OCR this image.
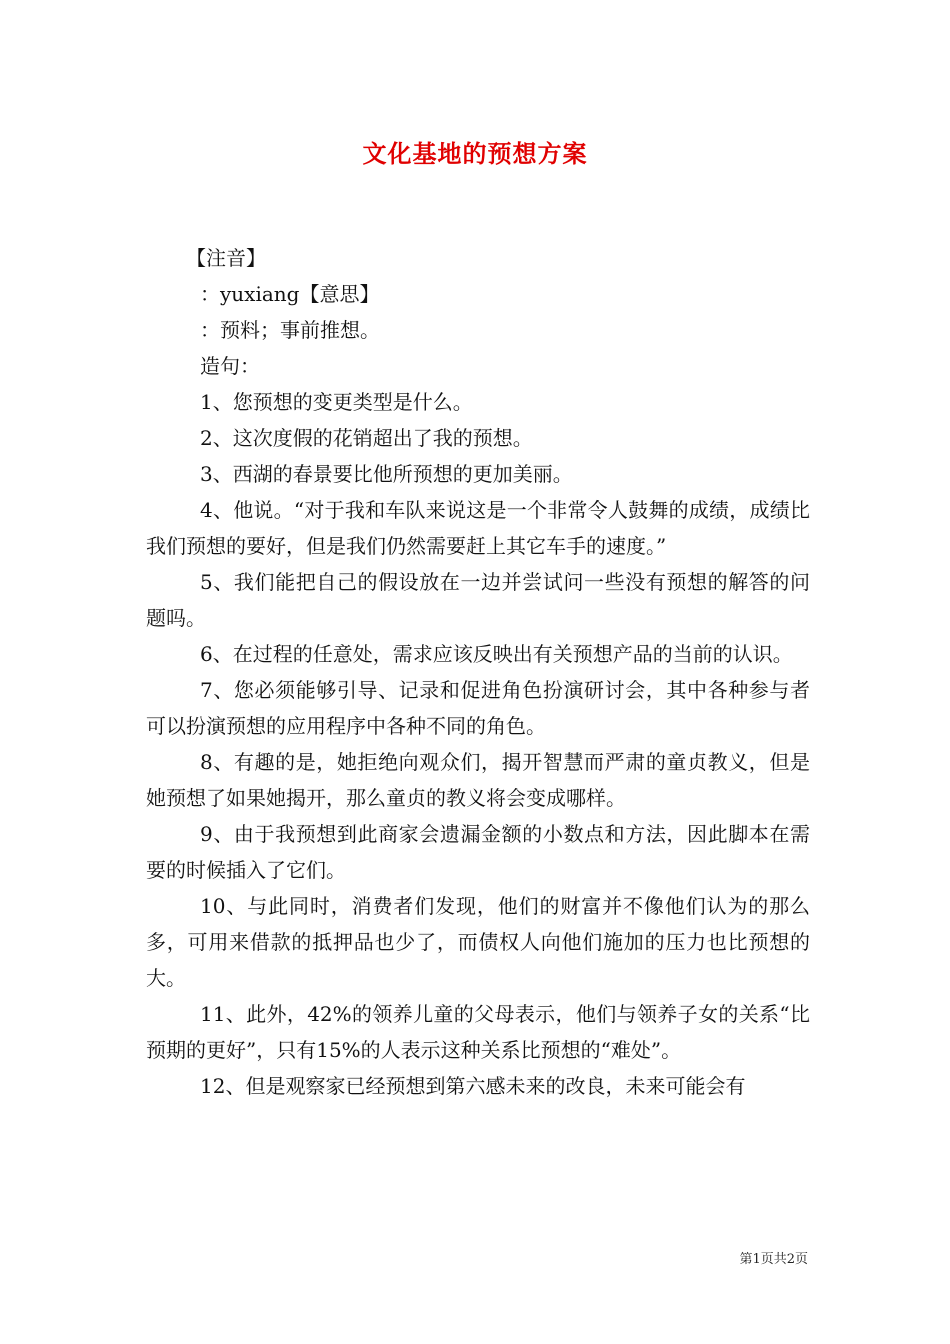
文化基地的预想方案
【注音】
：yuxiang【意思】
：预料；事前推想。
造句：
1、您预想的变更类型是什么。
2、这次度假的花销超出了我的预想。
3、西湖的春景要比他所预想的更加美丽。
4、他说。“对于我和车队来说这是一个非常令人鼓舞的成绩，成绩比我们预想的要好，但是我们仍然需要赶上其它车手的速度。”
5、我们能把自己的假设放在一边并尝试问一些没有预想的解答的问题吗。
6、在过程的任意处，需求应该反映出有关预想产品的当前的认识。
7、您必须能够引导、记录和促进角色扮演研讨会，其中各种参与者可以扮演预想的应用程序中各种不同的角色。
8、有趣的是，她拒绝向观众们，揭开智慧而严肃的童贞教义，但是她预想了如果她揭开，那么童贞的教义将会变成哪样。
9、由于我预想到此商家会遗漏金额的小数点和方法，因此脚本在需要的时候插入了它们。
10、与此同时，消费者们发现，他们的财富并不像他们认为的那么多，可用来借款的抵押品也少了，而债权人向他们施加的压力也比预想的大。
11、此外，42%的领养儿童的父母表示，他们与领养子女的关系“比预期的更好”，只有15%的人表示这种关系比预想的“难处”。
12、但是观察家已经预想到第六感未来的改良，未来可能会有
第1页共2页
